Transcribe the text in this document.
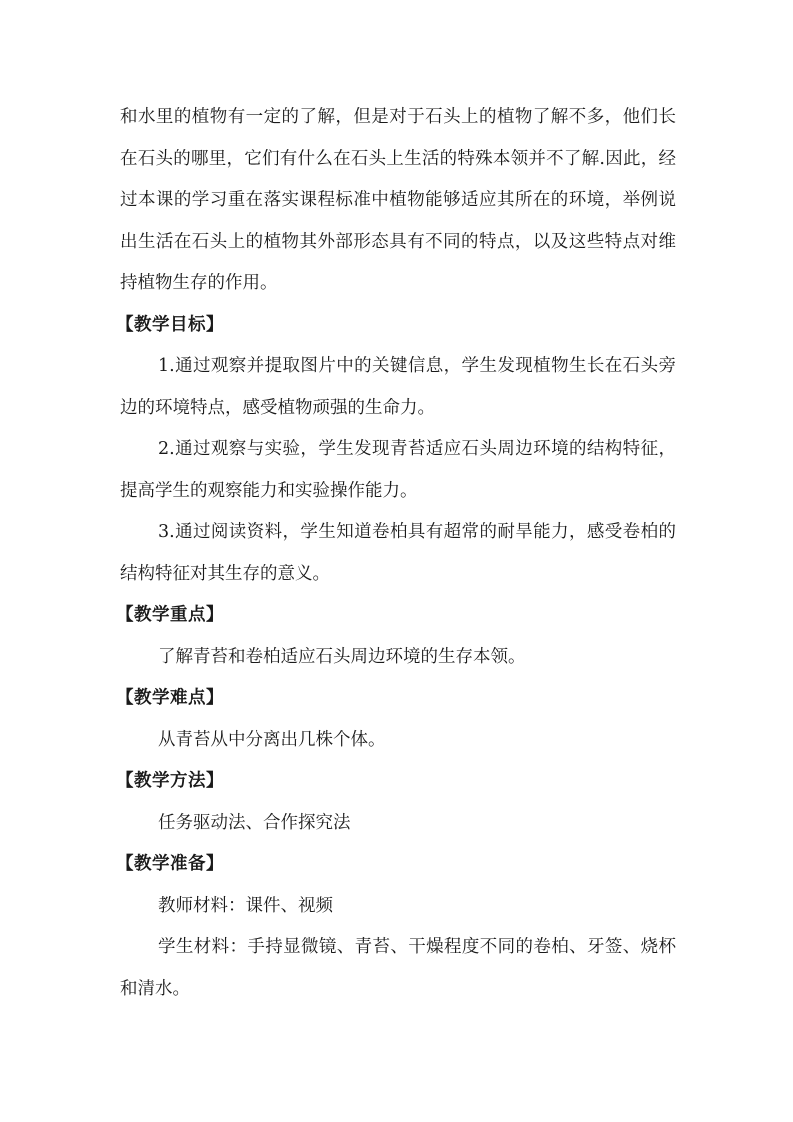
和水里的植物有一定的了解，但是对于石头上的植物了解不多，他们长在石头的哪里，它们有什么在石头上生活的特殊本领并不了解.因此，经过本课的学习重在落实课程标准中植物能够适应其所在的环境，举例说出生活在石头上的植物其外部形态具有不同的特点，以及这些特点对维持植物生存的作用。

【教学目标】

1.通过观察并提取图片中的关键信息，学生发现植物生长在石头旁边的环境特点，感受植物顽强的生命力。

2.通过观察与实验，学生发现青苔适应石头周边环境的结构特征，提高学生的观察能力和实验操作能力。

3.通过阅读资料，学生知道卷柏具有超常的耐旱能力，感受卷柏的结构特征对其生存的意义。

【教学重点】

了解青苔和卷柏适应石头周边环境的生存本领。

【教学难点】

从青苔从中分离出几株个体。

【教学方法】

任务驱动法、合作探究法

【教学准备】

教师材料：课件、视频

学生材料：手持显微镜、青苔、干燥程度不同的卷柏、牙签、烧杯和清水。
